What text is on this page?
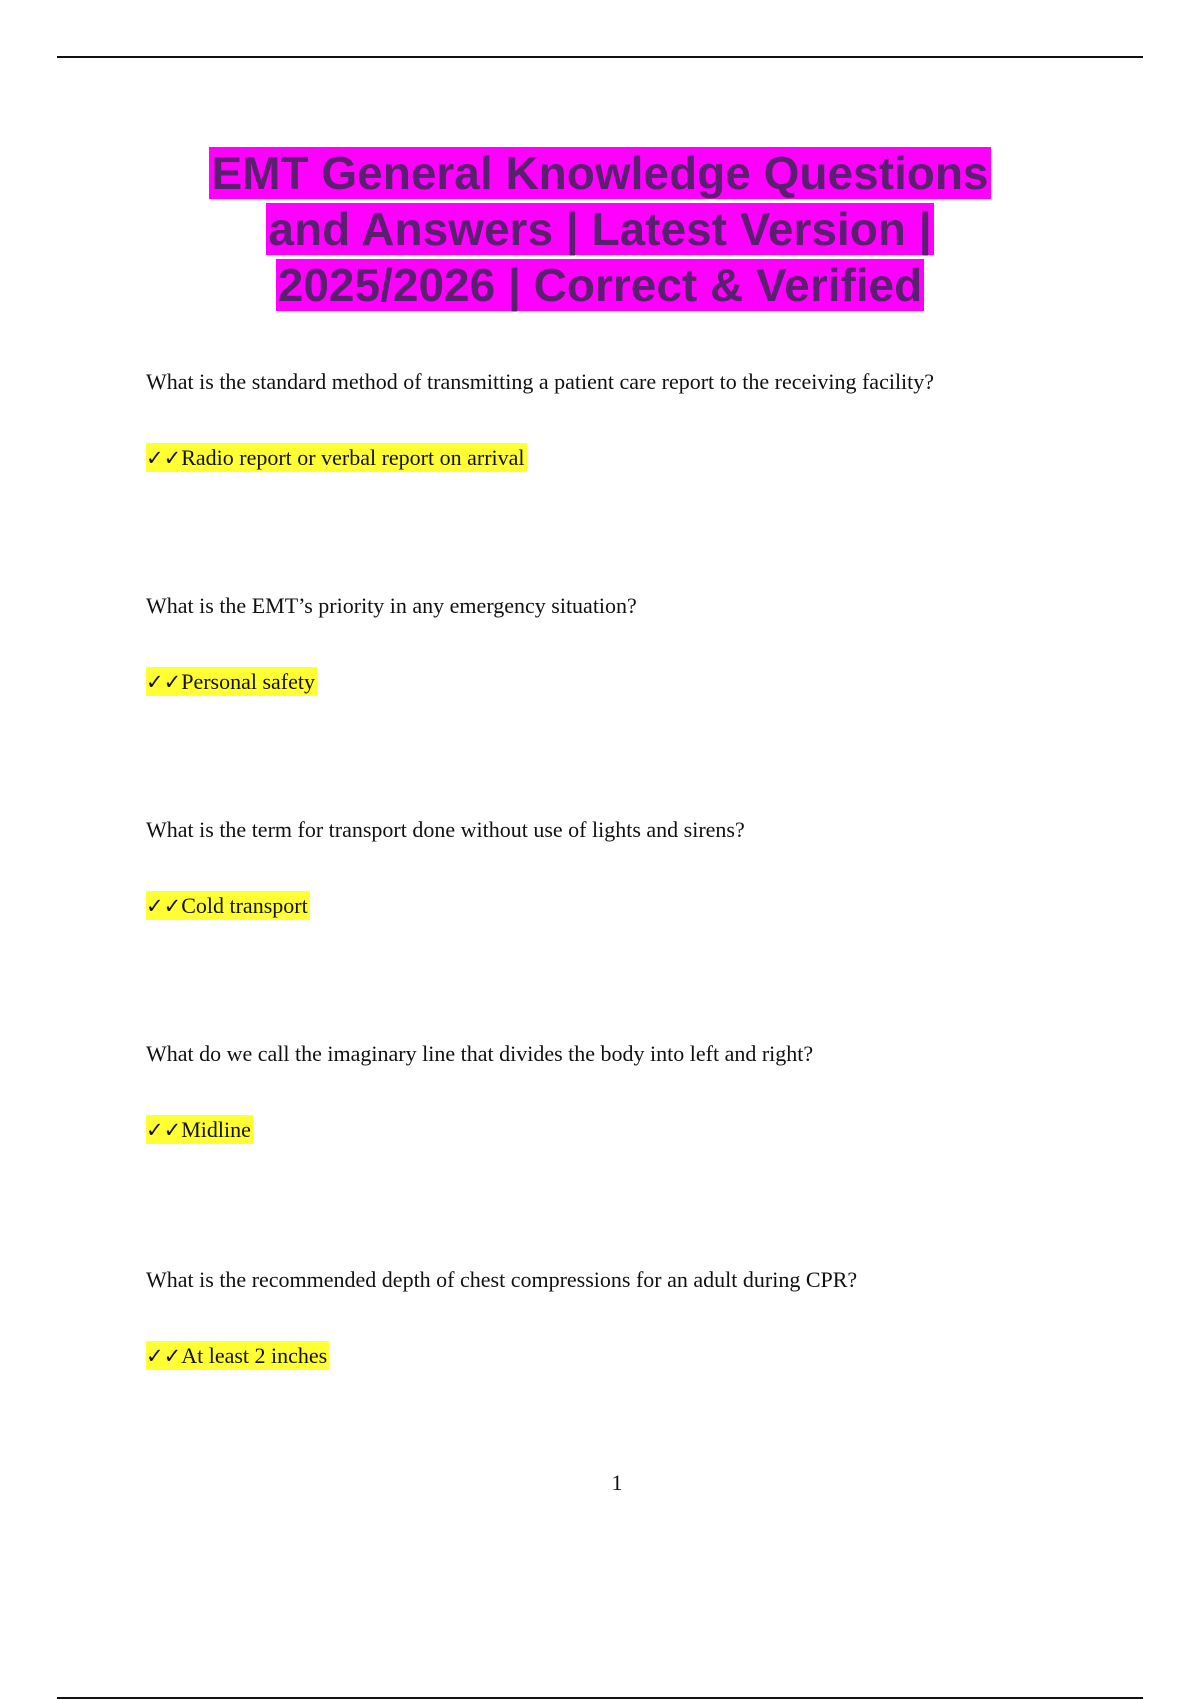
EMT General Knowledge Questions
and Answers | Latest Version |
2025/2026 | Correct & Verified

What is the standard method of transmitting a patient care report to the receiving facility?

✓✓Radio report or verbal report on arrival

What is the EMT’s priority in any emergency situation?

✓✓Personal safety

What is the term for transport done without use of lights and sirens?

✓✓Cold transport

What do we call the imaginary line that divides the body into left and right?

✓✓Midline

What is the recommended depth of chest compressions for an adult during CPR?

✓✓At least 2 inches
1
